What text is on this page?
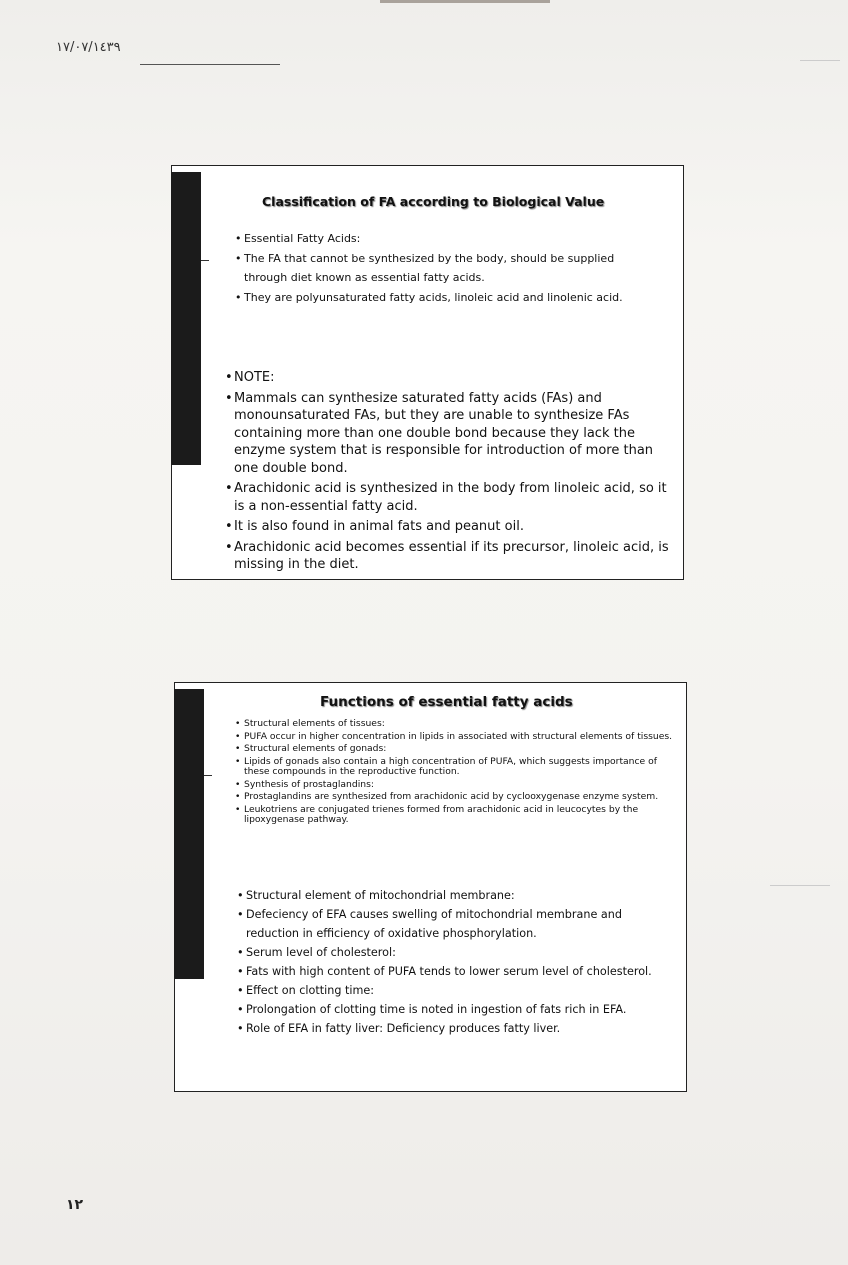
١٧/٠٧/١٤٣٩
Classification of FA according to Biological Value
• Essential Fatty Acids:
• The FA that cannot be synthesized by the body, should be supplied through diet known as essential fatty acids.
• They are polyunsaturated fatty acids, linoleic acid and linolenic acid.
• NOTE:
• Mammals can synthesize saturated fatty acids (FAs) and monounsaturated FAs, but they are unable to synthesize FAs containing more than one double bond because they lack the enzyme system that is responsible for introduction of more than one double bond.
• Arachidonic acid is synthesized in the body from linoleic acid, so it is a non-essential fatty acid.
• It is also found in animal fats and peanut oil.
• Arachidonic acid becomes essential if its precursor, linoleic acid, is missing in the diet.
Functions of essential fatty acids
• Structural elements of tissues:
• PUFA occur in higher concentration in lipids in associated with structural elements of tissues.
• Structural elements of gonads:
• Lipids of gonads also contain a high concentration of PUFA, which suggests importance of these compounds in the reproductive function.
• Synthesis of prostaglandins:
• Prostaglandins are synthesized from arachidonic acid by cyclooxygenase enzyme system.
• Leukotriens are conjugated trienes formed from arachidonic acid in leucocytes by the lipoxygenase pathway.
• Structural element of mitochondrial membrane:
• Defeciency of EFA causes swelling of mitochondrial membrane and reduction in efficiency of oxidative phosphorylation.
• Serum level of cholesterol:
• Fats with high content of PUFA tends to lower serum level of cholesterol.
• Effect on clotting time:
• Prolongation of clotting time is noted in ingestion of fats rich in EFA.
• Role of EFA in fatty liver: Deficiency produces fatty liver.
١٢
